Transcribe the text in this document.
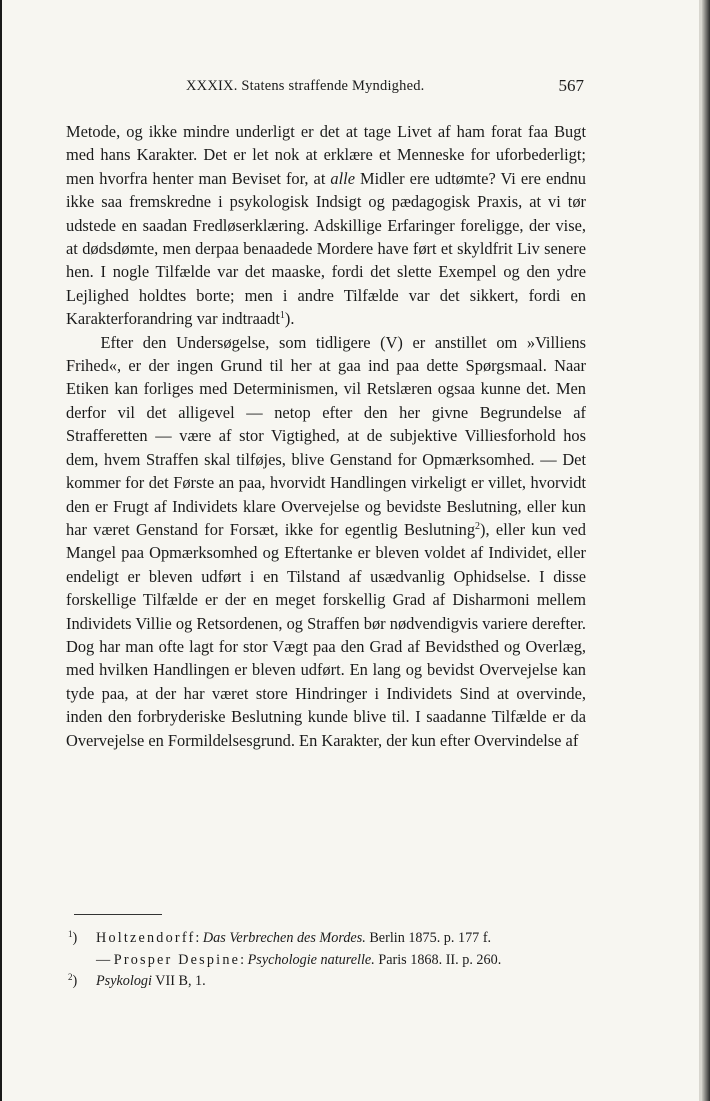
XXXIX. Statens straffende Myndighed.	567

Metode, og ikke mindre underligt er det at tage Livet af ham forat faa Bugt med hans Karakter. Det er let nok at erklære et Menneske for uforbederligt; men hvorfra henter man Beviset for, at alle Midler ere udtømte? Vi ere endnu ikke saa fremskredne i psykologisk Indsigt og pædagogisk Praxis, at vi tør udstede en saadan Fredløserklæring. Adskillige Erfaringer foreligge, der vise, at dødsdømte, men derpaa benaadede Mordere have ført et skyldfrit Liv senere hen. I nogle Tilfælde var det maaske, fordi det slette Exempel og den ydre Lejlighed holdtes borte; men i andre Tilfælde var det sikkert, fordi en Karakterforandring var indtraadt$^1$).

Efter den Undersøgelse, som tidligere (V) er anstillet om »Villiens Frihed«, er der ingen Grund til her at gaa ind paa dette Spørgsmaal. Naar Etiken kan forliges med Determinismen, vil Retslæren ogsaa kunne det. Men derfor vil det alligevel — netop efter den her givne Begrundelse af Strafferetten — være af stor Vigtighed, at de subjektive Villiesforhold hos dem, hvem Straffen skal tilføjes, blive Genstand for Opmærksomhed. — Det kommer for det Første an paa, hvorvidt Handlingen virkeligt er villet, hvorvidt den er Frugt af Individets klare Overvejelse og bevidste Beslutning, eller kun har været Genstand for Forsæt, ikke for egentlig Beslutning$^2$), eller kun ved Mangel paa Opmærksomhed og Eftertanke er bleven voldet af Individet, eller endeligt er bleven udført i en Tilstand af usædvanlig Ophidselse. I disse forskellige Tilfælde er der en meget forskellig Grad af Disharmoni mellem Individets Villie og Retsordenen, og Straffen bør nødvendigvis variere derefter. Dog har man ofte lagt for stor Vægt paa den Grad af Bevidsthed og Overlæg, med hvilken Handlingen er bleven udført. En lang og bevidst Overvejelse kan tyde paa, at der har været store Hindringer i Individets Sind at overvinde, inden den forbryderiske Beslutning kunde blive til. I saadanne Tilfælde er da Overvejelse en Formildelsesgrund. En Karakter, der kun efter Overvindelse af

$^1$) Holtzendorff: Das Verbrechen des Mordes. Berlin 1875. p. 177 f.
— Prosper Despine: Psychologie naturelle. Paris 1868. II. p. 260.
$^2$) Psykologi VII B, 1.
